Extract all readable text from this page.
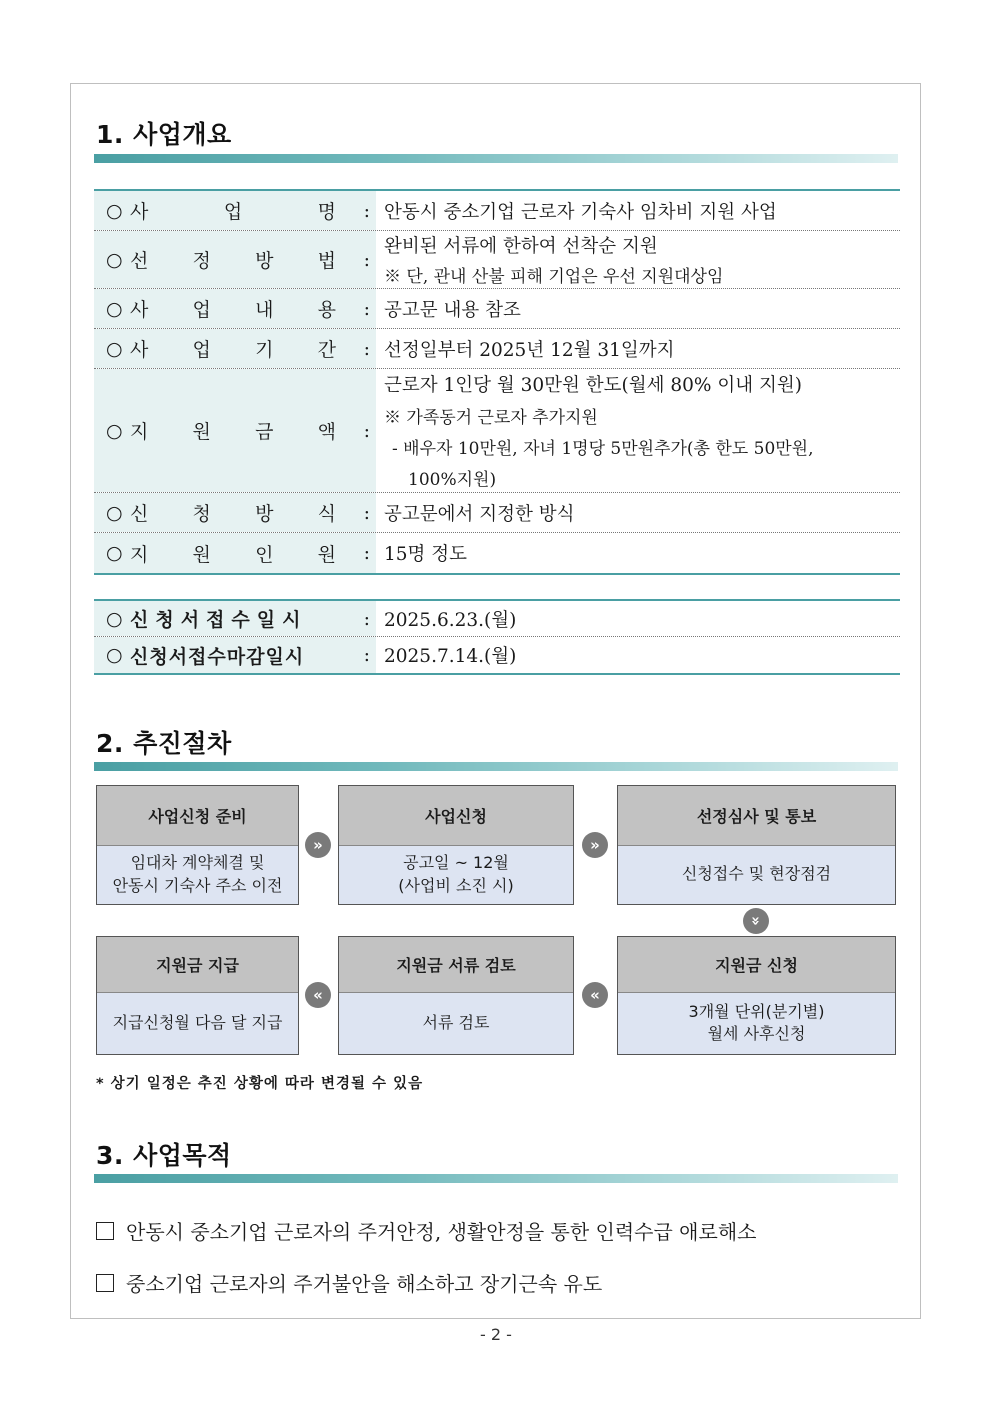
1. 사업개요
○ 사	업	명 : 안동시 중소기업 근로자 기숙사 임차비 지원 사업
○ 선 정 방 법 :
완비된 서류에 한하여 선착순 지원
※ 단, 관내 산불 피해 기업은 우선 지원대상임
○ 사 업 내 용 : 공고문 내용 참조
○ 사 업 기 간 : 선정일부터 2025년 12월 31일까지
○ 지 원 금 액 :
근로자 1인당 월 30만원 한도(월세 80% 이내 지원)
※ 가족동거 근로자 추가지원
- 배우자 10만원, 자녀 1명당 5만원추가(총 한도 50만원,
100%지원)
○ 신 청 방 식 : 공고문에서 지정한 방식
○ 지 원 인 원 : 15명 정도
○ 신청서접수일시	: 2025.6.23.(월)
○ 신청서접수마감일시	: 2025.7.14.(월)
2. 추진절차
사업신청 준비
임대차 계약체결 및
안동시 기숙사 주소 이전
사업신청
공고일 ~ 12월
(사업비 소진 시)
선정심사 및 통보
신청접수 및 현장점검
»	»
»
지원금 지급
지급신청월 다음 달 지급
지원금 서류 검토
서류 검토
지원금 신청
3개월 단위(분기별)
월세 사후신청
«	«
* 상기 일정은 추진 상황에 따라 변경될 수 있음
3. 사업목적
안동시 중소기업 근로자의 주거안정, 생활안정을 통한 인력수급 애로해소
중소기업 근로자의 주거불안을 해소하고 장기근속 유도
- 2 -
